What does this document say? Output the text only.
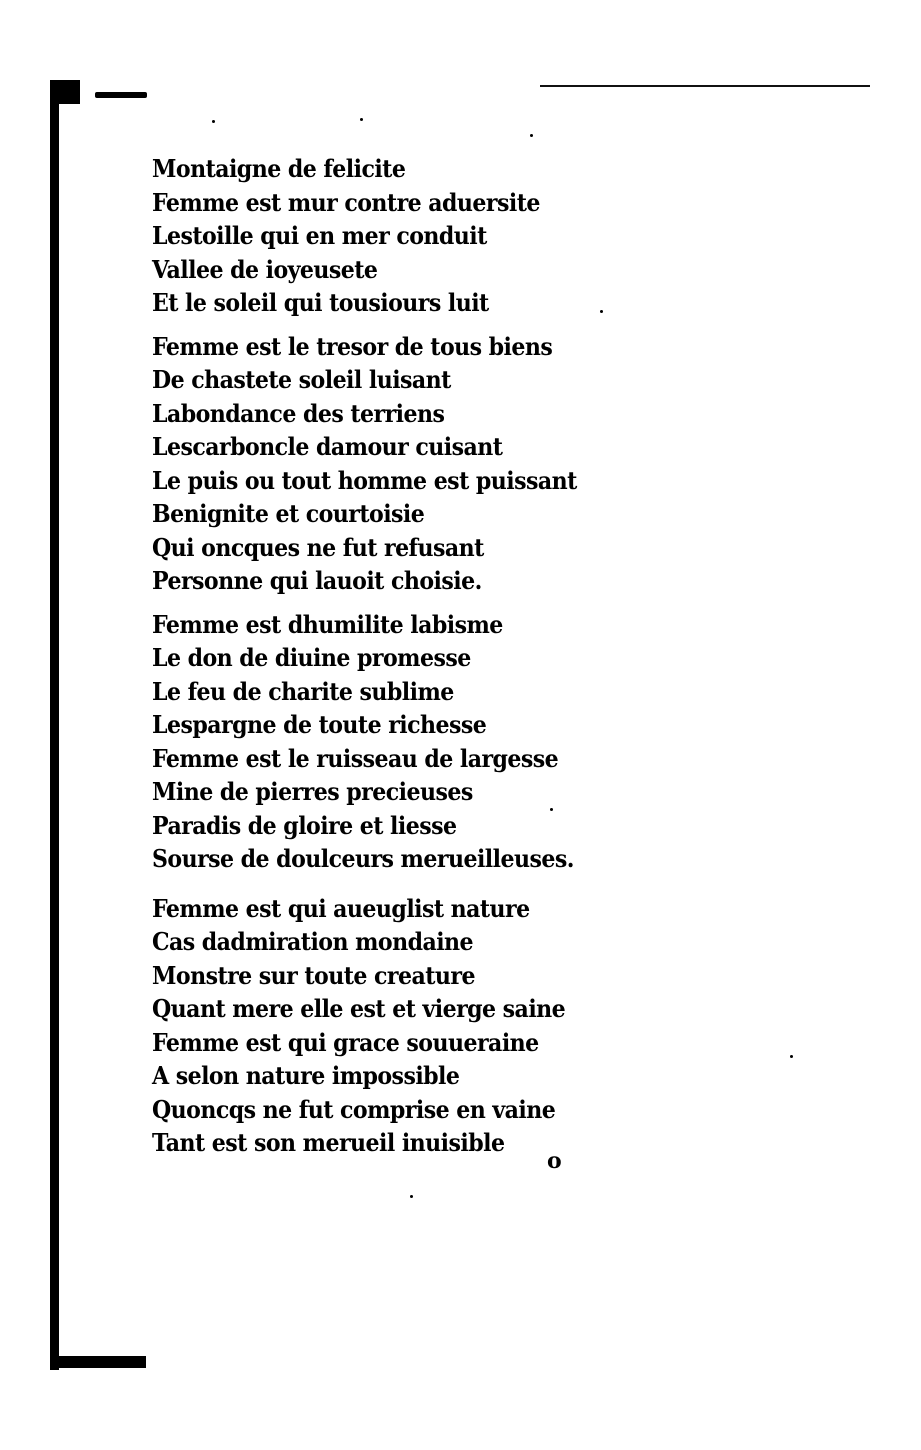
Montaigne de felicite
Femme est mur contre aduersite
Lestoille qui en mer conduit
Vallee de ioyeusete
Et le soleil qui tousiours luit
Femme est le tresor de tous biens
De chastete soleil luisant
Labondance des terriens
Lescarboncle damour cuisant
Le puis ou tout homme est puissant
Benignite et courtoisie
Qui oncques ne fut refusant
Personne qui lauoit choisie.
Femme est dhumilite labisme
Le don de diuine promesse
Le feu de charite sublime
Lespargne de toute richesse
Femme est le ruisseau de largesse
Mine de pierres precieuses
Paradis de gloire et liesse
Sourse de doulceurs merueilleuses.
Femme est qui aueuglist nature
Cas dadmiration mondaine
Monstre sur toute creature
Quant mere elle est et vierge saine
Femme est qui grace souueraine
A selon nature impossible
Quoncqs ne fut comprise en vaine
Tant est son merueil inuisible
o
